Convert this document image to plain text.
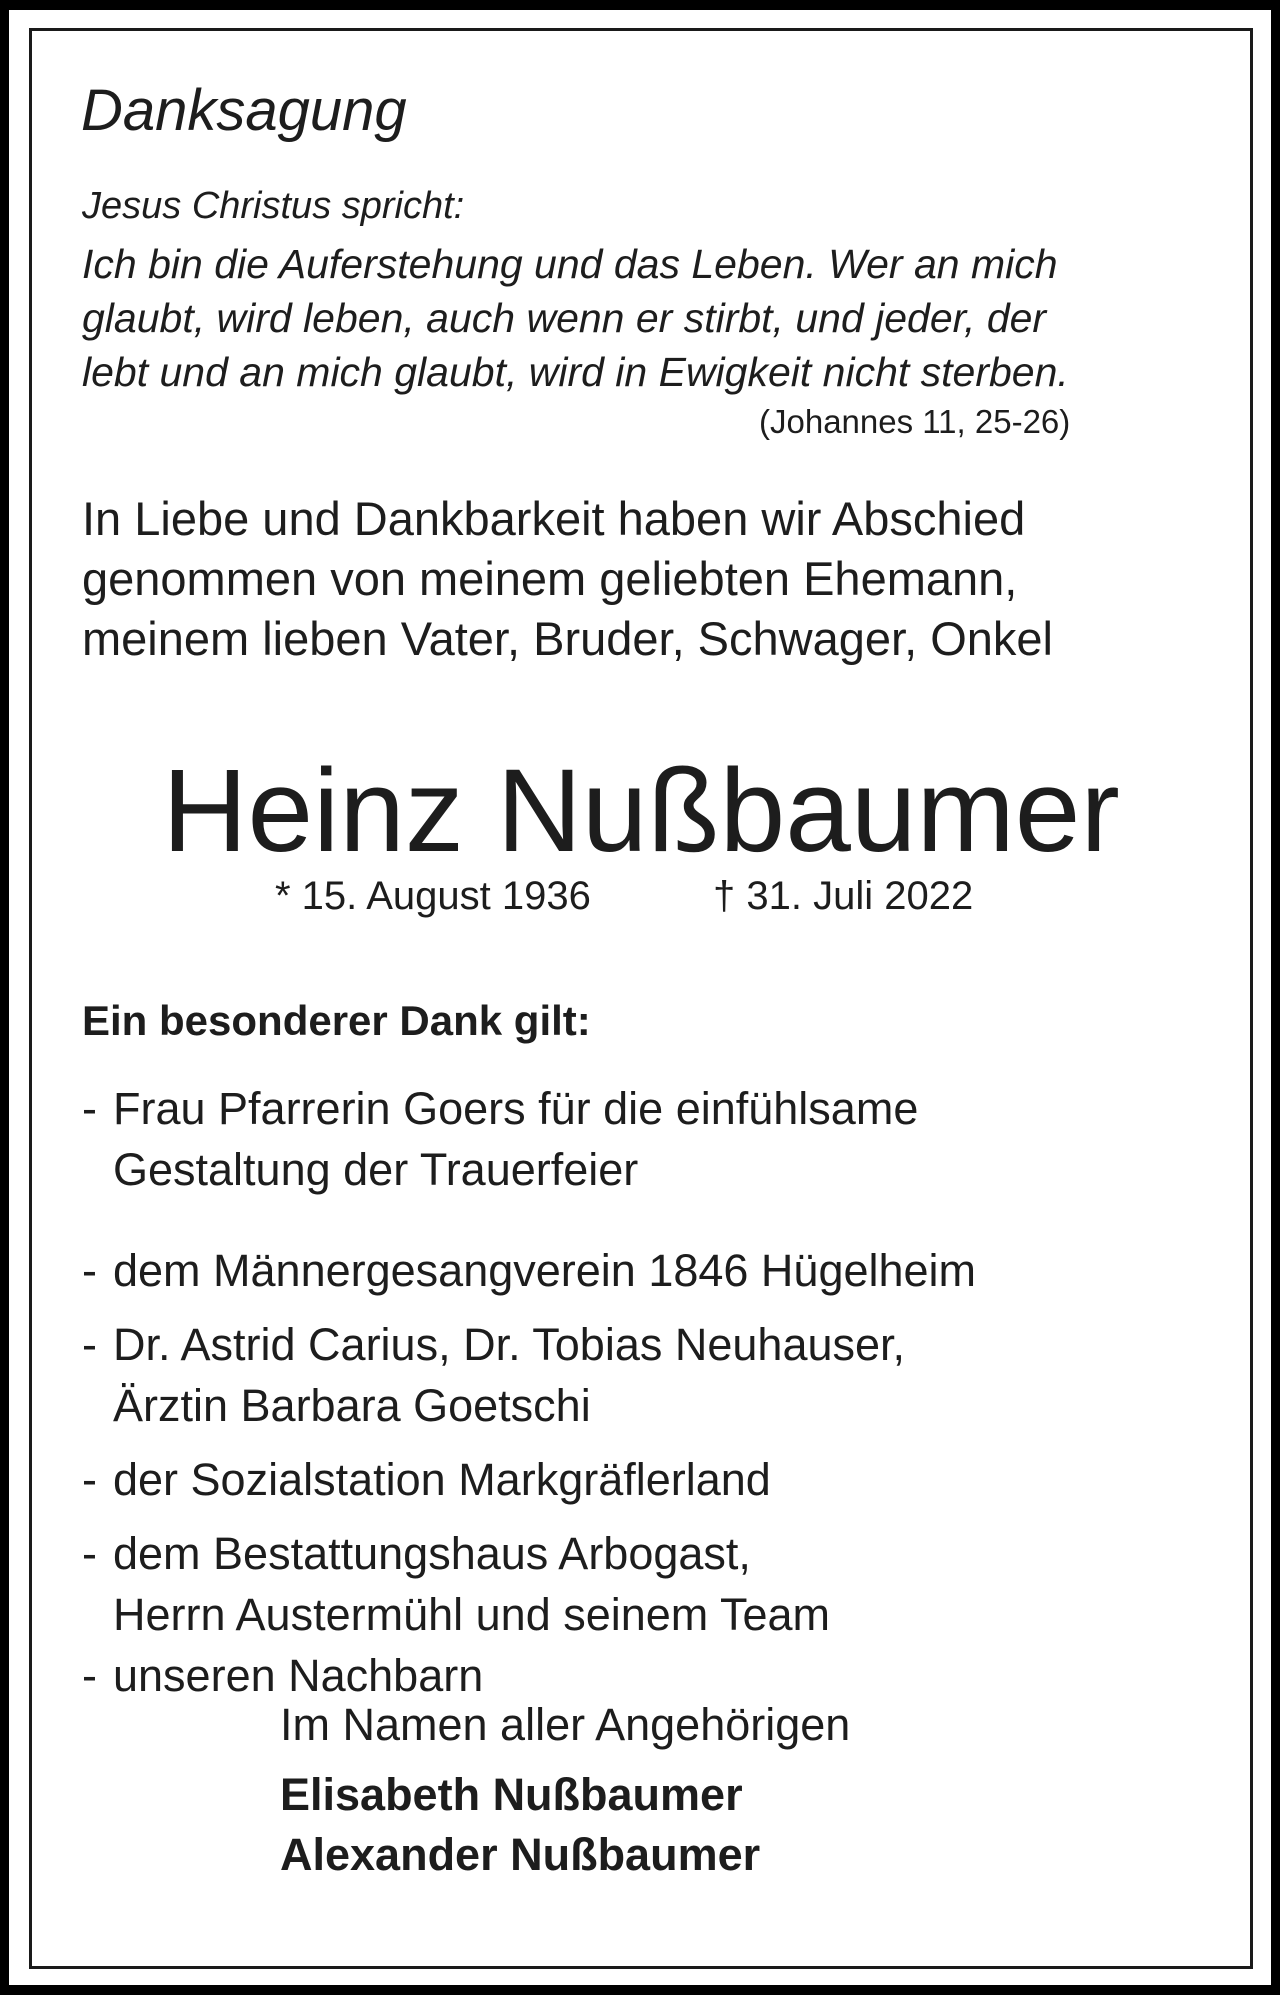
Danksagung
Jesus Christus spricht:
Ich bin die Auferstehung und das Leben. Wer an mich
glaubt, wird leben, auch wenn er stirbt, und jeder, der
lebt und an mich glaubt, wird in Ewigkeit nicht sterben.
(Johannes 11, 25-26)
In Liebe und Dankbarkeit haben wir Abschied
genommen von meinem geliebten Ehemann,
meinem lieben Vater, Bruder, Schwager, Onkel
Heinz Nußbaumer
* 15. August 1936	† 31. Juli 2022
Ein besonderer Dank gilt:
- Frau Pfarrerin Goers für die einfühlsame
Gestaltung der Trauerfeier
- dem Männergesangverein 1846 Hügelheim
- Dr. Astrid Carius, Dr. Tobias Neuhauser,
Ärztin Barbara Goetschi
- der Sozialstation Markgräflerland
- dem Bestattungshaus Arbogast,
Herrn Austermühl und seinem Team
- unseren Nachbarn
Im Namen aller Angehörigen
Elisabeth Nußbaumer
Alexander Nußbaumer
